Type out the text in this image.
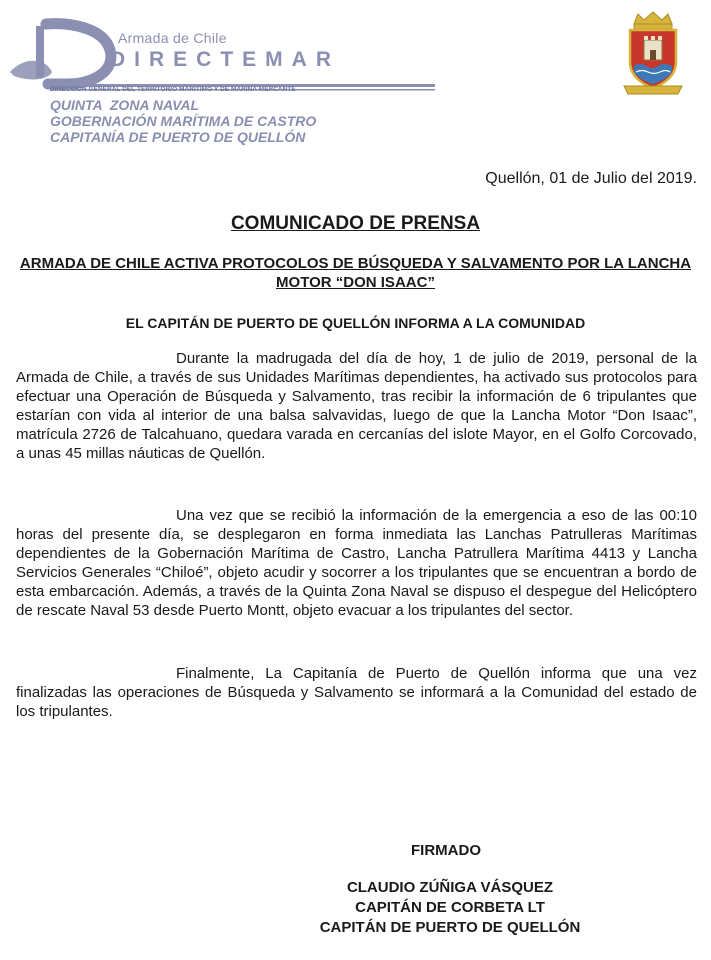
Armada de Chile
DIRECTEMAR
DIRECCION GENERAL DEL TERRITORIO MARITIMO Y DE MARINA MERCANTE
QUINTA  ZONA NAVAL
GOBERNACIÓN MARÍTIMA DE CASTRO
CAPITANÍA DE PUERTO DE QUELLÓN
Quellón, 01 de Julio del 2019.
COMUNICADO DE PRENSA
ARMADA DE CHILE ACTIVA PROTOCOLOS DE BÚSQUEDA Y SALVAMENTO POR LA LANCHA MOTOR “DON ISAAC”
EL CAPITÁN DE PUERTO DE QUELLÓN INFORMA A LA COMUNIDAD
Durante la madrugada del día de hoy, 1 de julio de 2019, personal de la Armada de Chile, a través de sus Unidades Marítimas dependientes, ha activado sus protocolos para efectuar una Operación de Búsqueda y Salvamento, tras recibir la información de 6 tripulantes que estarían con vida al interior de una balsa salvavidas, luego de que la Lancha Motor “Don Isaac”, matrícula 2726 de Talcahuano, quedara varada en cercanías del islote Mayor, en el Golfo Corcovado, a unas 45 millas náuticas de Quellón.
Una vez que se recibió la información de la emergencia a eso de las 00:10 horas del presente día, se desplegaron en forma inmediata las Lanchas Patrulleras Marítimas dependientes de la Gobernación Marítima de Castro, Lancha Patrullera Marítima 4413 y Lancha Servicios Generales “Chiloé”, objeto acudir y socorrer a los tripulantes que se encuentran a bordo de esta embarcación. Además, a través de la Quinta Zona Naval se dispuso el despegue del Helicóptero de rescate Naval 53 desde Puerto Montt, objeto evacuar a los tripulantes del sector.
Finalmente, La Capitanía de Puerto de Quellón informa que una vez finalizadas las operaciones de Búsqueda y Salvamento se informará a la Comunidad del estado de los tripulantes.
FIRMADO
CLAUDIO ZÚÑIGA VÁSQUEZ
CAPITÁN DE CORBETA LT
CAPITÁN DE PUERTO DE QUELLÓN
